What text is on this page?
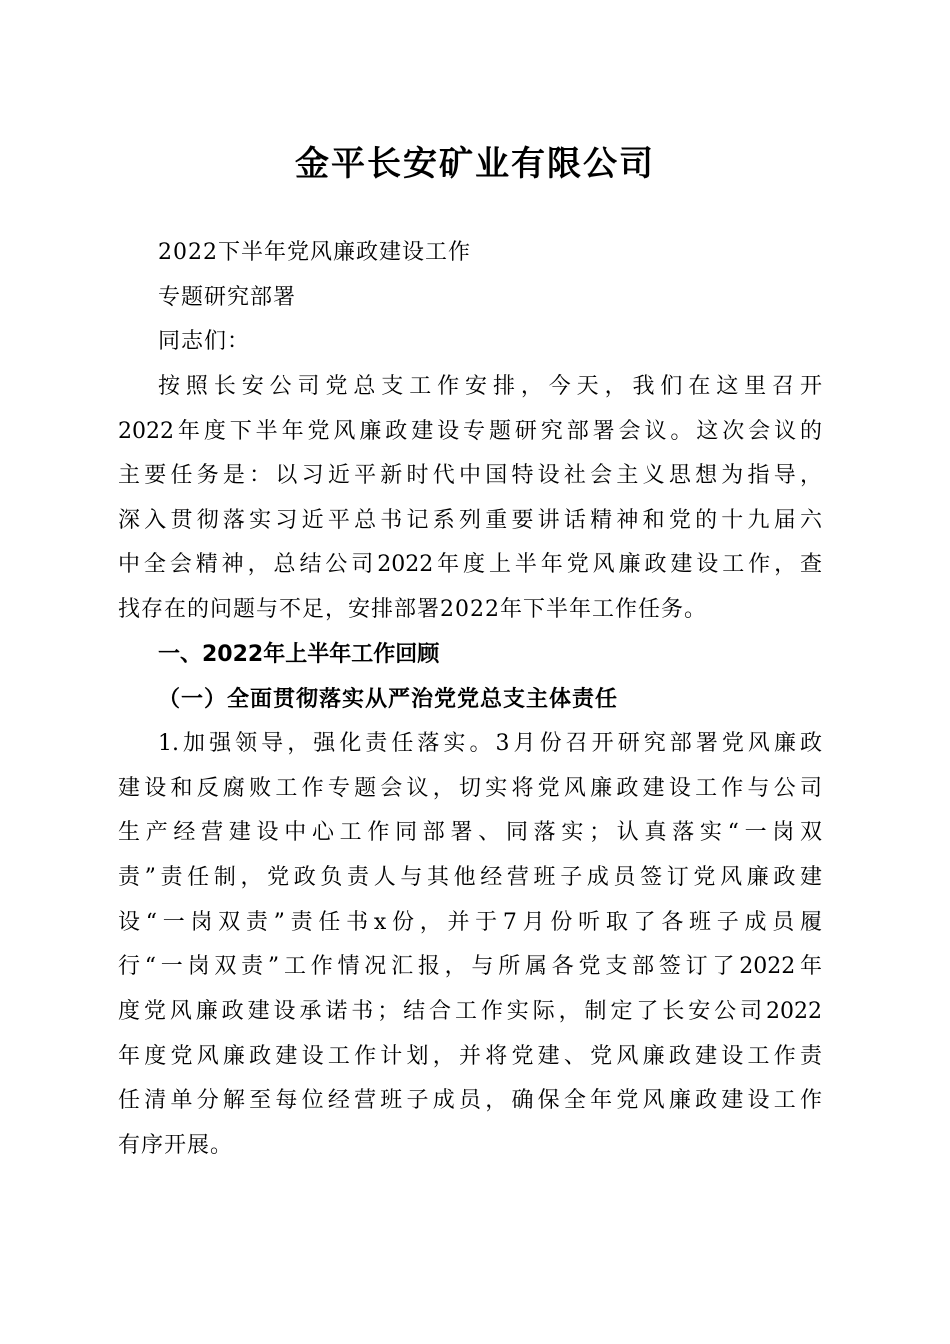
金平长安矿业有限公司
2022下半年党风廉政建设工作
专题研究部署
同志们：
按照长安公司党总支工作安排，今天，我们在这里召开
2022年度下半年党风廉政建设专题研究部署会议。这次会议的
主要任务是：以习近平新时代中国特设社会主义思想为指导，
深入贯彻落实习近平总书记系列重要讲话精神和党的十九届六
中全会精神，总结公司2022年度上半年党风廉政建设工作，查
找存在的问题与不足，安排部署2022年下半年工作任务。
一、2022年上半年工作回顾
（一）全面贯彻落实从严治党党总支主体责任
1.加强领导，强化责任落实。3月份召开研究部署党风廉政
建设和反腐败工作专题会议，切实将党风廉政建设工作与公司
生产经营建设中心工作同部署、同落实；认真落实“一岗双
责”责任制，党政负责人与其他经营班子成员签订党风廉政建
设“一岗双责”责任书x份，并于7月份听取了各班子成员履
行“一岗双责”工作情况汇报，与所属各党支部签订了2022年
度党风廉政建设承诺书；结合工作实际，制定了长安公司2022
年度党风廉政建设工作计划，并将党建、党风廉政建设工作责
任清单分解至每位经营班子成员，确保全年党风廉政建设工作
有序开展。
